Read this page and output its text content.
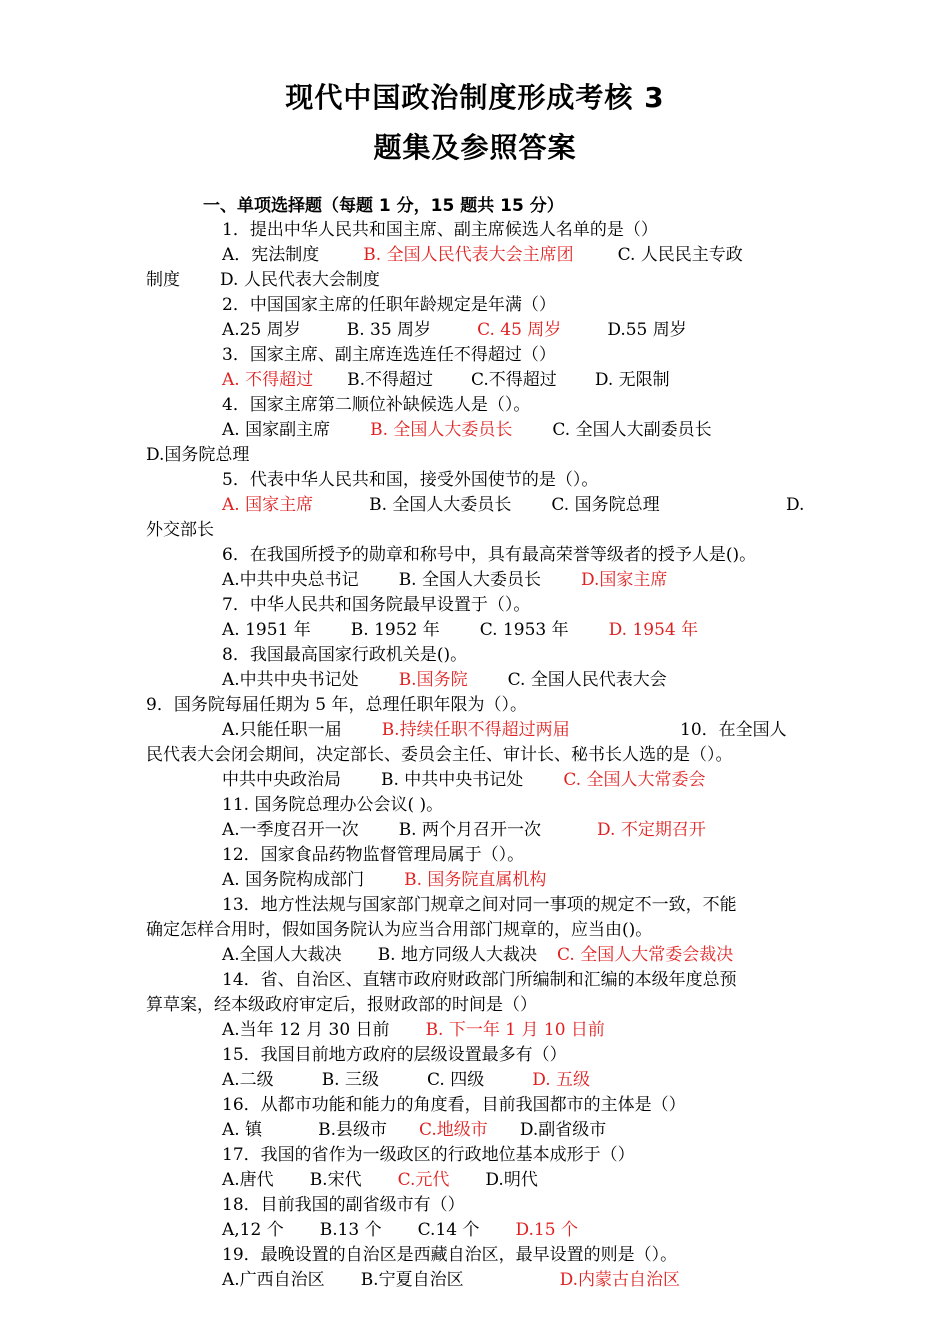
现代中国政治制度形成考核 3
题集及参照答案
一、单项选择题（每题 1 分，15 题共 15 分）
1．提出中华人民共和国主席、副主席候选人名单的是（）
A．宪法制度	B. 全国人民代表大会主席团	C. 人民民主专政
制度 D. 人民代表大会制度
2．中国国家主席的任职年龄规定是年满（）
A.25 周岁	B. 35 周岁	C. 45 周岁	D.55 周岁
3．国家主席、副主席连选连任不得超过（）
A. 不得超过 B.不得超过 C.不得超过 D. 无限制
4．国家主席第二顺位补缺候选人是（）。
A. 国家副主席 B. 全国人大委员长 C. 全国人大副委员长
D.国务院总理
5．代表中华人民共和国，接受外国使节的是（）。
A. 国家主席	B. 全国人大委员长 C. 国务院总理	D.
外交部长
6．在我国所授予的勋章和称号中，具有最高荣誉等级者的授予人是()。
A.中共中央总书记 B. 全国人大委员长 D.国家主席
7．中华人民共和国务院最早设置于（）。
A. 1951 年 B. 1952 年 C. 1953 年 D. 1954 年
8．我国最高国家行政机关是()。
A.中共中央书记处 B.国务院 C. 全国人民代表大会
9．国务院每届任期为 5 年，总理任职年限为（）。
A.只能任职一届 B.持续任职不得超过两届	10．在全国人
民代表大会闭会期间，决定部长、委员会主任、审计长、秘书长人选的是（）。
中共中央政治局 B. 中共中央书记处 C. 全国人大常委会
11. 国务院总理办公会议( )。
A.一季度召开一次 B. 两个月召开一次	D. 不定期召开
12．国家食品药物监督管理局属于（）。
A. 国务院构成部门 B. 国务院直属机构
13．地方性法规与国家部门规章之间对同一事项的规定不一致，不能
确定怎样合用时，假如国务院认为应当合用部门规章的，应当由()。
A.全国人大裁决 B. 地方同级人大裁决 C. 全国人大常委会裁决
14．省、自治区、直辖市政府财政部门所编制和汇编的本级年度总预
算草案，经本级政府审定后，报财政部的时间是（）
A.当年 12 月 30 日前 B. 下一年 1 月 10 日前
15．我国目前地方政府的层级设置最多有（）
A.二级	B. 三级	C. 四级	D. 五级
16．从都市功能和能力的角度看，目前我国都市的主体是（）
A. 镇	B.县级市 C.地级市 D.副省级市
17．我国的省作为一级政区的行政地位基本成形于（）
A.唐代 B.宋代 C.元代 D.明代
18．目前我国的副省级市有（）
A,12 个 B.13 个 C.14 个 D.15 个
19．最晚设置的自治区是西藏自治区，最早设置的则是（）。
A.广西自治区 B.宁夏自治区	D.内蒙古自治区
